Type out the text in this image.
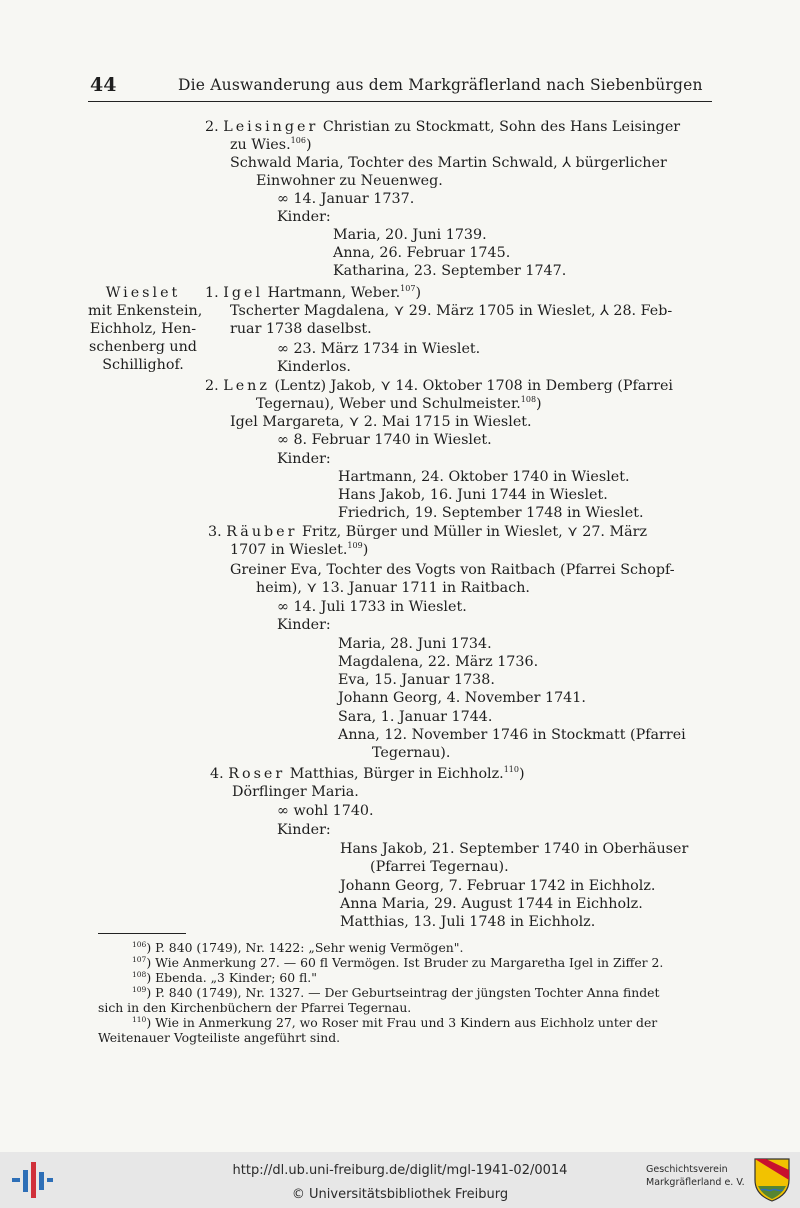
44	Die Auswanderung aus dem Markgräflerland nach Siebenbürgen
Wieslet
mit Enkenstein,
Eichholz, Hen-
schenberg und
Schillighof.
2. Leisinger Christian zu Stockmatt, Sohn des Hans Leisinger
zu Wies.$^{106}$)
Schwald Maria, Tochter des Martin Schwald, ⅄ bürgerlicher
Einwohner zu Neuenweg.
∞ 14. Januar 1737.
Kinder:
Maria, 20. Juni 1739.
Anna, 26. Februar 1745.
Katharina, 23. September 1747.
1. Igel Hartmann, Weber.$^{107}$)
Tscherter Magdalena, ⋎ 29. März 1705 in Wieslet, ⅄ 28. Feb-
ruar 1738 daselbst.
∞ 23. März 1734 in Wieslet.
Kinderlos.
2. Lenz (Lentz) Jakob, ⋎ 14. Oktober 1708 in Demberg (Pfarrei
Tegernau), Weber und Schulmeister.$^{108}$)
Igel Margareta, ⋎ 2. Mai 1715 in Wieslet.
∞ 8. Februar 1740 in Wieslet.
Kinder:
Hartmann, 24. Oktober 1740 in Wieslet.
Hans Jakob, 16. Juni 1744 in Wieslet.
Friedrich, 19. September 1748 in Wieslet.
3. Räuber Fritz, Bürger und Müller in Wieslet, ⋎ 27. März
1707 in Wieslet.$^{109}$)
Greiner Eva, Tochter des Vogts von Raitbach (Pfarrei Schopf-
heim), ⋎ 13. Januar 1711 in Raitbach.
∞ 14. Juli 1733 in Wieslet.
Kinder:
Maria, 28. Juni 1734.
Magdalena, 22. März 1736.
Eva, 15. Januar 1738.
Johann Georg, 4. November 1741.
Sara, 1. Januar 1744.
Anna, 12. November 1746 in Stockmatt (Pfarrei
Tegernau).
4. Roser Matthias, Bürger in Eichholz.$^{110}$)
Dörflinger Maria.
∞ wohl 1740.
Kinder:
Hans Jakob, 21. September 1740 in Oberhäuser
(Pfarrei Tegernau).
Johann Georg, 7. Februar 1742 in Eichholz.
Anna Maria, 29. August 1744 in Eichholz.
Matthias, 13. Juli 1748 in Eichholz.
$^{106}$) P. 840 (1749), Nr. 1422: „Sehr wenig Vermögen".
$^{107}$) Wie Anmerkung 27. — 60 fl Vermögen. Ist Bruder zu Margaretha Igel in Ziffer 2.
$^{108}$) Ebenda. „3 Kinder; 60 fl."
$^{109}$) P. 840 (1749), Nr. 1327. — Der Geburtseintrag der jüngsten Tochter Anna findet
sich in den Kirchenbüchern der Pfarrei Tegernau.
$^{110}$) Wie in Anmerkung 27, wo Roser mit Frau und 3 Kindern aus Eichholz unter der
Weitenauer Vogteiliste angeführt sind.
http://dl.ub.uni-freiburg.de/diglit/mgl-1941-02/0014
© Universitätsbibliothek Freiburg
Geschichtsverein
Markgräflerland e. V.
